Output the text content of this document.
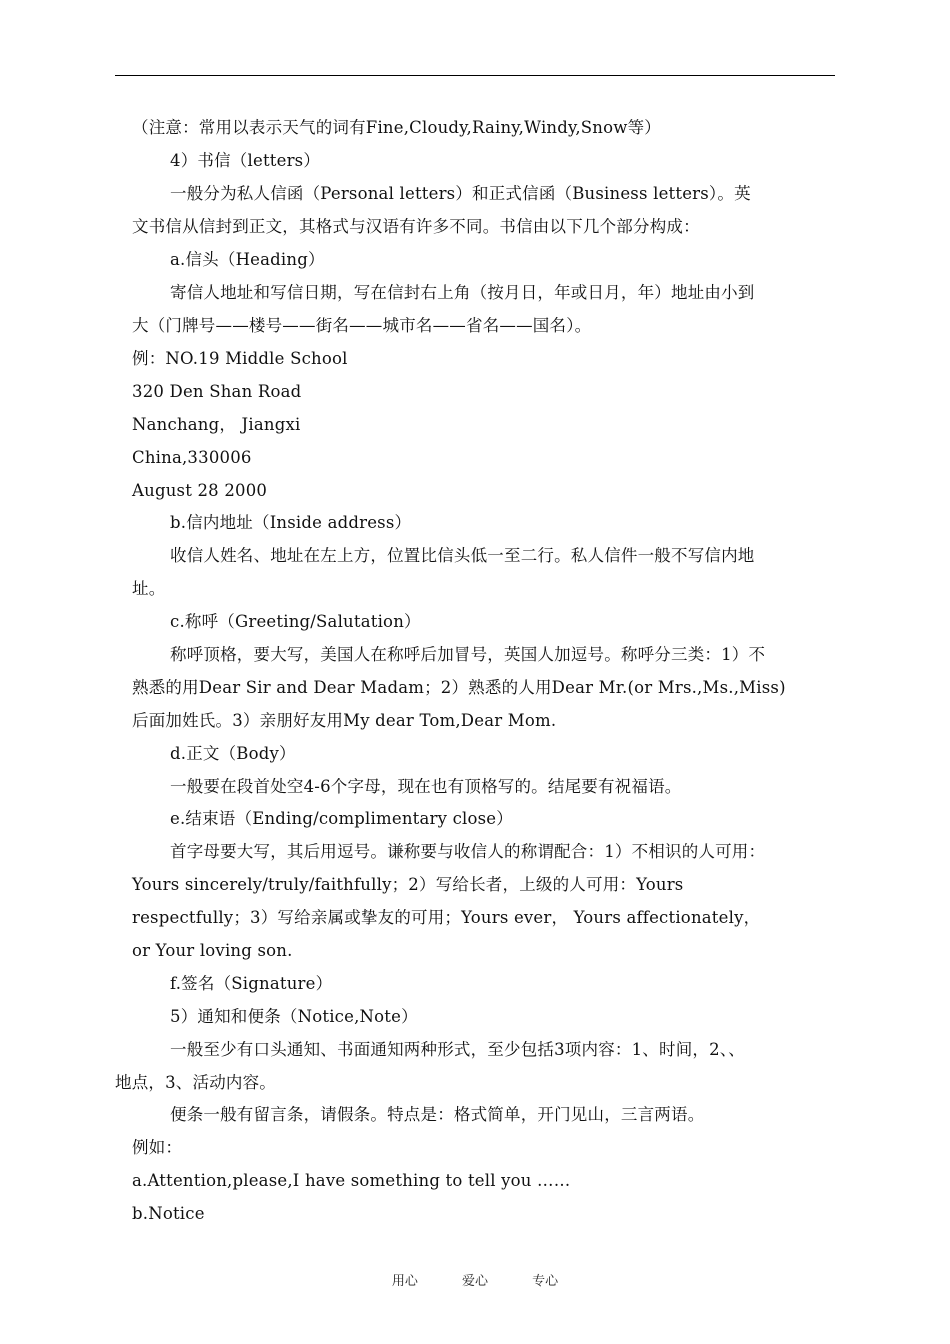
（注意：常用以表示天气的词有Fine,Cloudy,Rainy,Windy,Snow等）
4）书信（letters）
一般分为私人信函（Personal letters）和正式信函（Business letters）。英
文书信从信封到正文，其格式与汉语有许多不同。书信由以下几个部分构成：
a.信头（Heading）
寄信人地址和写信日期，写在信封右上角（按月日，年或日月，年）地址由小到
大（门牌号——楼号——街名——城市名——省名——国名）。
例：NO.19 Middle School
320 Den Shan Road
Nanchang， Jiangxi
China,330006
August 28 2000
b.信内地址（Inside address）
收信人姓名、地址在左上方，位置比信头低一至二行。私人信件一般不写信内地
址。
c.称呼（Greeting/Salutation）
称呼顶格，要大写，美国人在称呼后加冒号，英国人加逗号。称呼分三类：1）不
熟悉的用Dear Sir and Dear Madam；2）熟悉的人用Dear Mr.(or Mrs.,Ms.,Miss)
后面加姓氏。3）亲朋好友用My dear Tom,Dear Mom.
d.正文（Body）
一般要在段首处空4-6个字母，现在也有顶格写的。结尾要有祝福语。
e.结束语（Ending/complimentary close）
首字母要大写，其后用逗号。谦称要与收信人的称谓配合：1）不相识的人可用：
Yours sincerely/truly/faithfully；2）写给长者，上级的人可用：Yours
respectfully；3）写给亲属或挚友的可用；Yours ever， Yours affectionately，
or Your loving son.
f.签名（Signature）
5）通知和便条（Notice,Note）
一般至少有口头通知、书面通知两种形式，至少包括3项内容：1、时间，2、、
地点，3、活动内容。
便条一般有留言条，请假条。特点是：格式简单，开门见山，三言两语。
例如：
a.Attention,please,I have something to tell you ……
b.Notice
用心	爱心	专心
